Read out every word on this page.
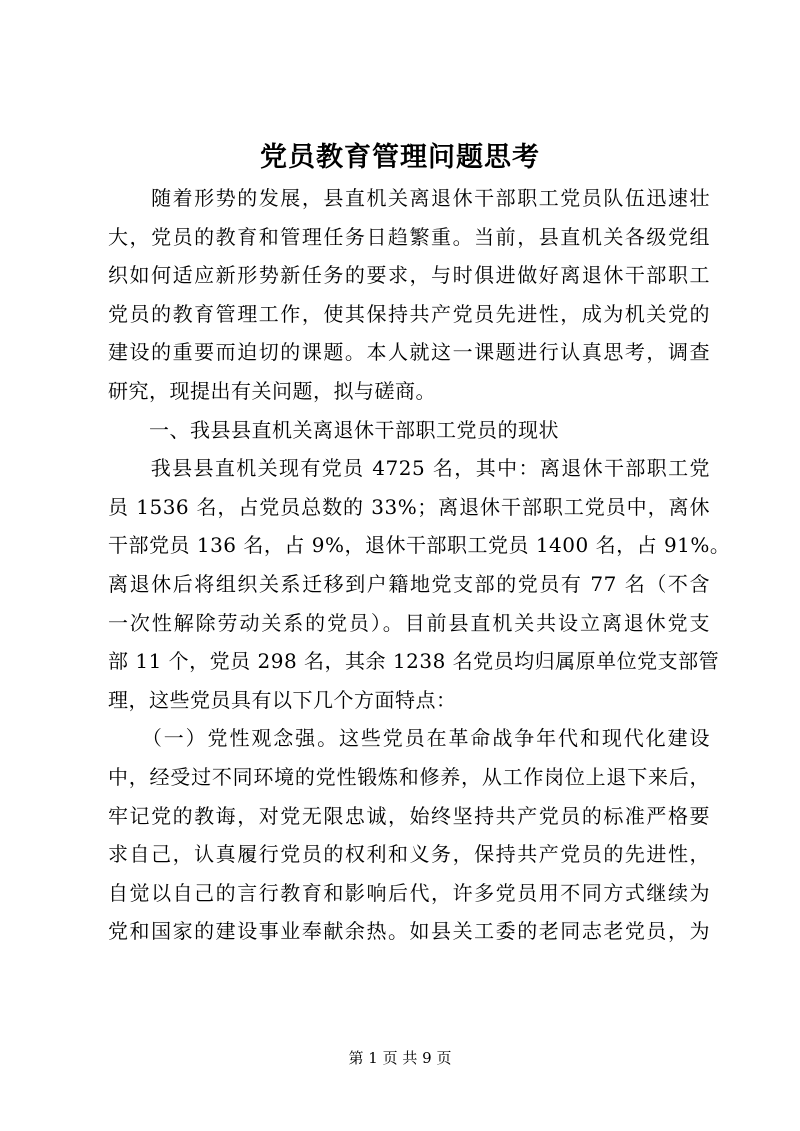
党员教育管理问题思考
　　随着形势的发展，县直机关离退休干部职工党员队伍迅速壮
大，党员的教育和管理任务日趋繁重。当前，县直机关各级党组
织如何适应新形势新任务的要求，与时俱进做好离退休干部职工
党员的教育管理工作，使其保持共产党员先进性，成为机关党的
建设的重要而迫切的课题。本人就这一课题进行认真思考，调查
研究，现提出有关问题，拟与磋商。
　　一、我县县直机关离退休干部职工党员的现状
　　我县县直机关现有党员 4725 名，其中：离退休干部职工党
员 1536 名，占党员总数的 33%；离退休干部职工党员中，离休
干部党员 136 名，占 9%，退休干部职工党员 1400 名，占 91%。
离退休后将组织关系迁移到户籍地党支部的党员有 77 名（不含
一次性解除劳动关系的党员）。目前县直机关共设立离退休党支
部 11 个，党员 298 名，其余 1238 名党员均归属原单位党支部管
理，这些党员具有以下几个方面特点：
　　（一）党性观念强。这些党员在革命战争年代和现代化建设
中，经受过不同环境的党性锻炼和修养，从工作岗位上退下来后，
牢记党的教诲，对党无限忠诚，始终坚持共产党员的标准严格要
求自己，认真履行党员的权利和义务，保持共产党员的先进性，
自觉以自己的言行教育和影响后代，许多党员用不同方式继续为
党和国家的建设事业奉献余热。如县关工委的老同志老党员，为
第 1 页 共 9 页
